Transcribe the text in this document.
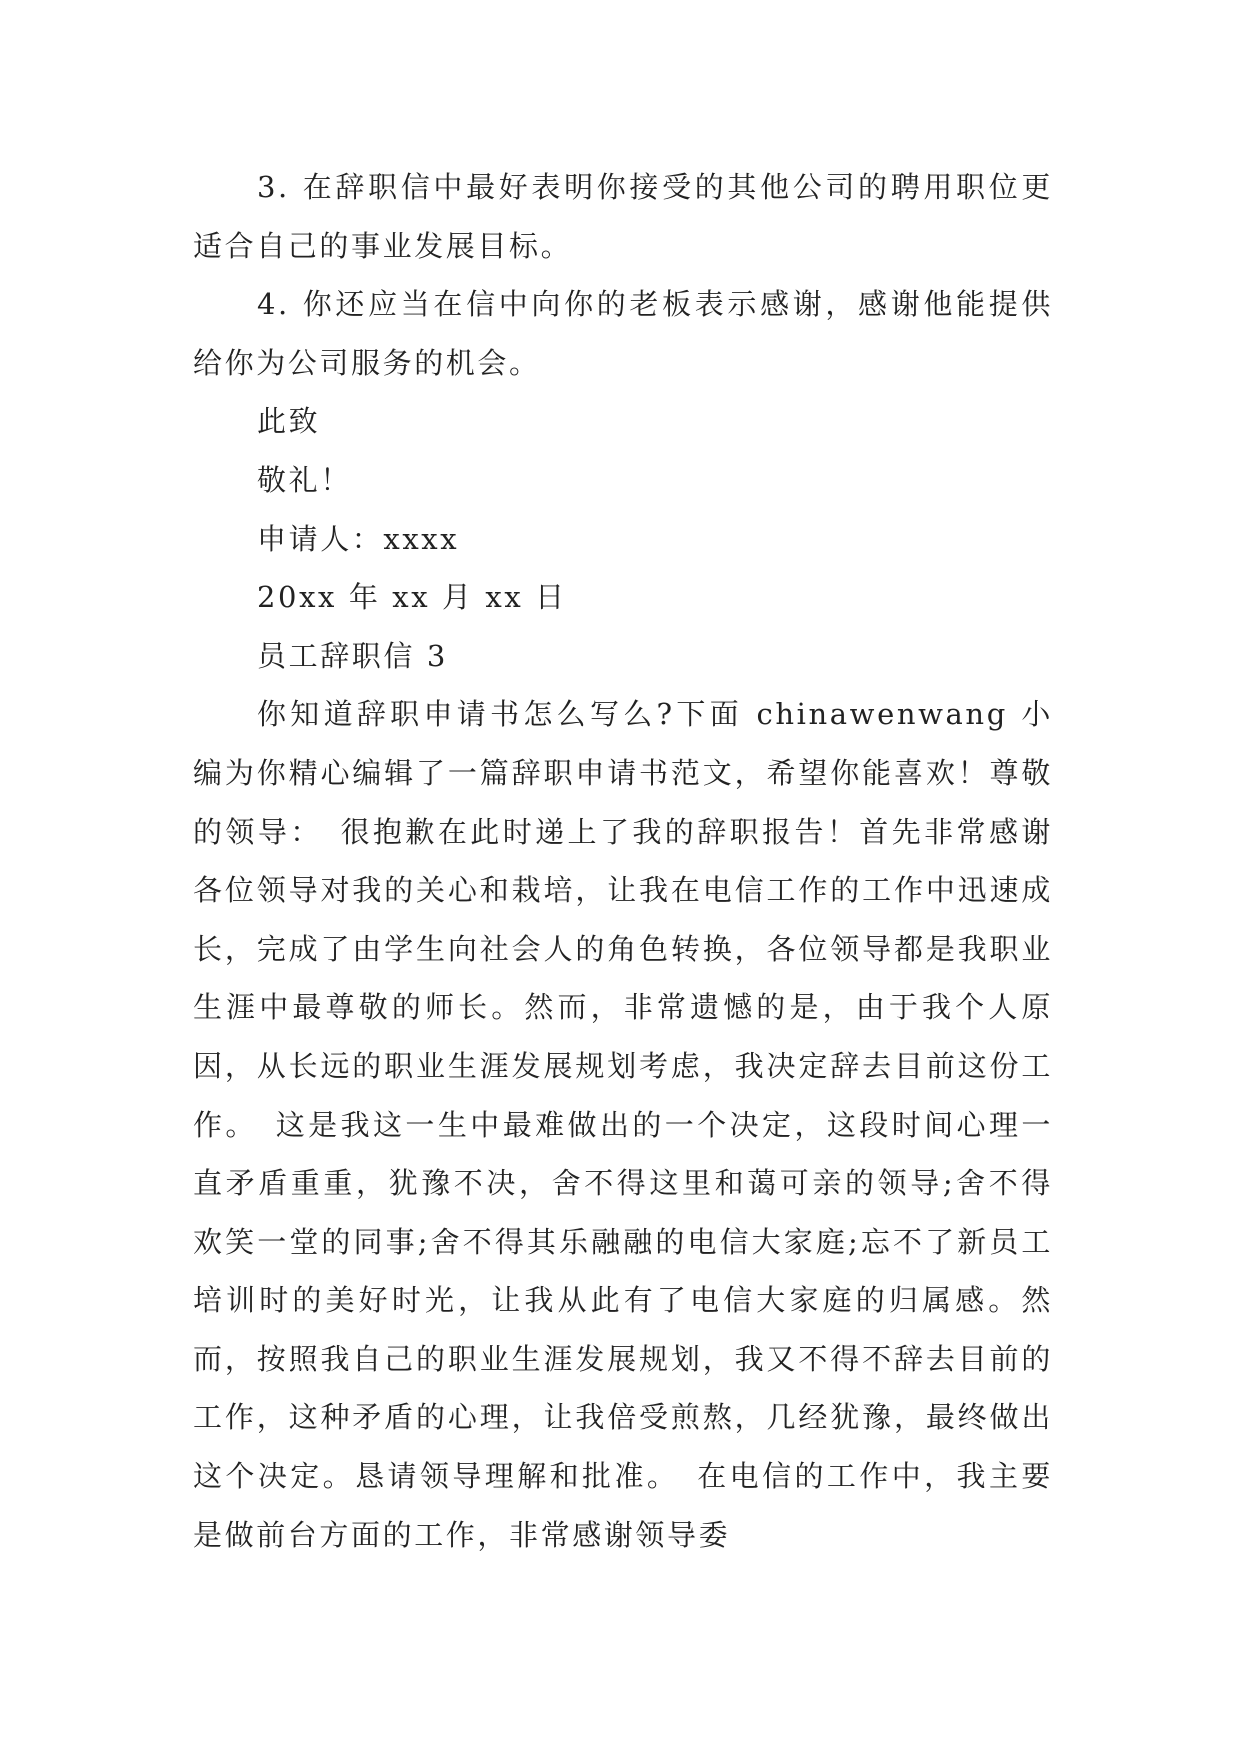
3. 在辞职信中最好表明你接受的其他公司的聘用职位更适合自己的事业发展目标。

4. 你还应当在信中向你的老板表示感谢，感谢他能提供给你为公司服务的机会。

此致

敬礼！

申请人：xxxx

20xx 年 xx 月 xx 日

员工辞职信 3

你知道辞职申请书怎么写么?下面 chinawenwang 小编为你精心编辑了一篇辞职申请书范文，希望你能喜欢！尊敬的领导：　很抱歉在此时递上了我的辞职报告！首先非常感谢各位领导对我的关心和栽培，让我在电信工作的工作中迅速成长，完成了由学生向社会人的角色转换，各位领导都是我职业生涯中最尊敬的师长。然而，非常遗憾的是，由于我个人原因，从长远的职业生涯发展规划考虑，我决定辞去目前这份工作。　这是我这一生中最难做出的一个决定，这段时间心理一直矛盾重重，犹豫不决，舍不得这里和蔼可亲的领导;舍不得欢笑一堂的同事;舍不得其乐融融的电信大家庭;忘不了新员工培训时的美好时光，让我从此有了电信大家庭的归属感。然而，按照我自己的职业生涯发展规划，我又不得不辞去目前的工作，这种矛盾的心理，让我倍受煎熬，几经犹豫，最终做出这个决定。恳请领导理解和批准。　在电信的工作中，我主要是做前台方面的工作，非常感谢领导委
